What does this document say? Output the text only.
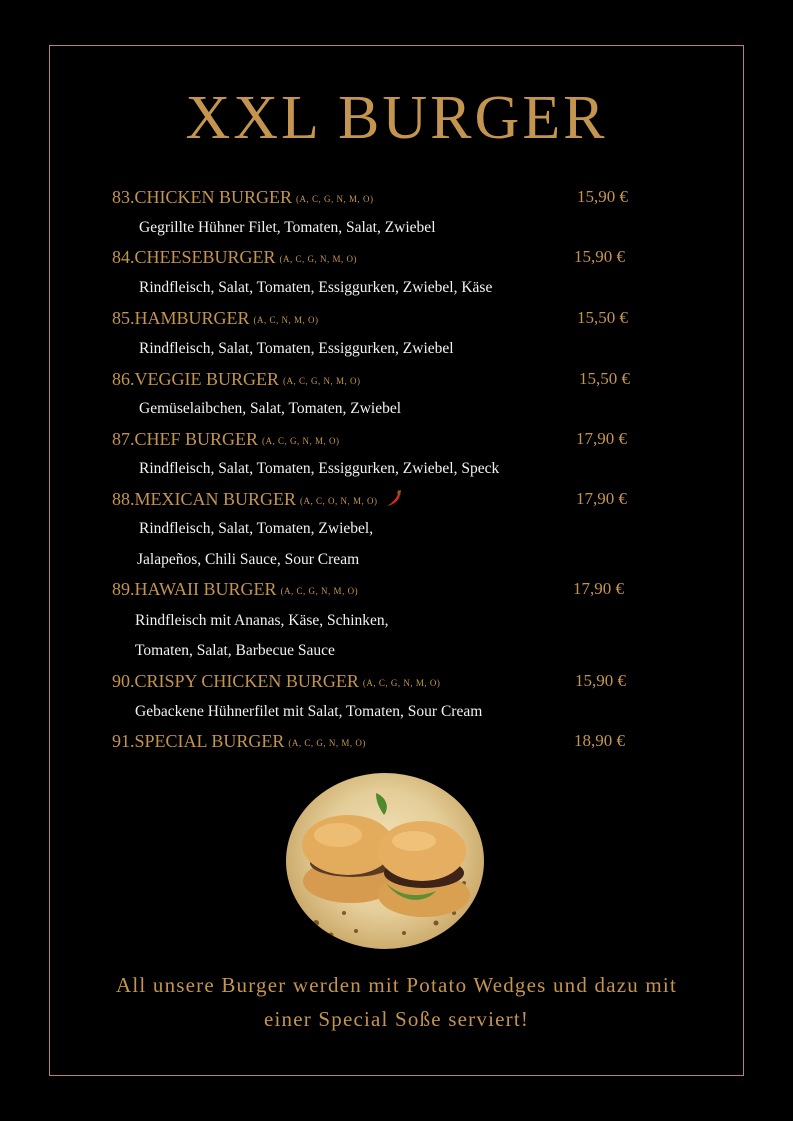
XXL BURGER
83.CHICKEN BURGER (A, C, G, N, M, O)	15,90 €
Gegrillte Hühner Filet, Tomaten, Salat, Zwiebel
84.CHEESEBURGER (A, C, G, N, M, O)	15,90 €
Rindfleisch, Salat, Tomaten, Essiggurken, Zwiebel, Käse
85.HAMBURGER (A, C, N, M, O)	15,50 €
Rindfleisch, Salat, Tomaten, Essiggurken, Zwiebel
86.VEGGIE BURGER (A, C, G, N, M, O)	15,50 €
Gemüselaibchen, Salat, Tomaten, Zwiebel
87.CHEF BURGER (A, C, G, N, M, O)	17,90 €
Rindfleisch, Salat, Tomaten, Essiggurken, Zwiebel, Speck
88.MEXICAN BURGER (A, C, O, N, M, O)	17,90 €
Rindfleisch, Salat, Tomaten, Zwiebel,
Jalapeños, Chili Sauce, Sour Cream
89.HAWAII BURGER (A, C, G, N, M, O)	17,90 €
Rindfleisch mit Ananas, Käse, Schinken,
Tomaten, Salat, Barbecue Sauce
90.CRISPY CHICKEN BURGER (A, C, G, N, M, O)	15,90 €
Gebackene Hühnerfilet mit Salat, Tomaten, Sour Cream
91.SPECIAL BURGER (A, C, G, N, M, O)	18,90 €
All unsere Burger werden mit Potato Wedges und dazu mit
einer Special Soße serviert!
